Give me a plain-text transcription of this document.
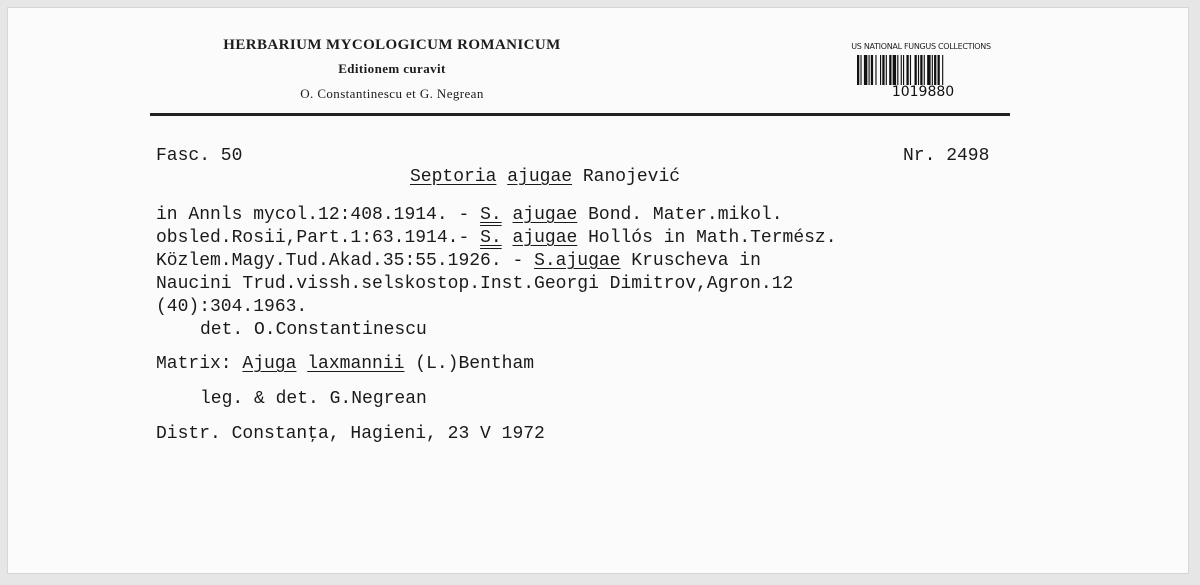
HERBARIUM MYCOLOGICUM ROMANICUM
Editionem curavit
O. Constantinescu et G. Negrean
US NATIONAL FUNGUS COLLECTIONS
1019880
Fasc. 50	Nr. 2498
Septoria ajugae Ranojević
in Annls mycol.12:408.1914. - S. ajugae Bond. Mater.mikol.
obsled.Rosii,Part.1:63.1914.- S. ajugae Hollós in Math.Termész.
Közlem.Magy.Tud.Akad.35:55.1926. - S.ajugae Kruscheva in
Naucini Trud.vissh.selskostop.Inst.Georgi Dimitrov,Agron.12
(40):304.1963.
det. O.Constantinescu
Matrix: Ajuga laxmannii (L.)Bentham
leg. & det. G.Negrean
Distr. Constanţa, Hagieni, 23 V 1972
